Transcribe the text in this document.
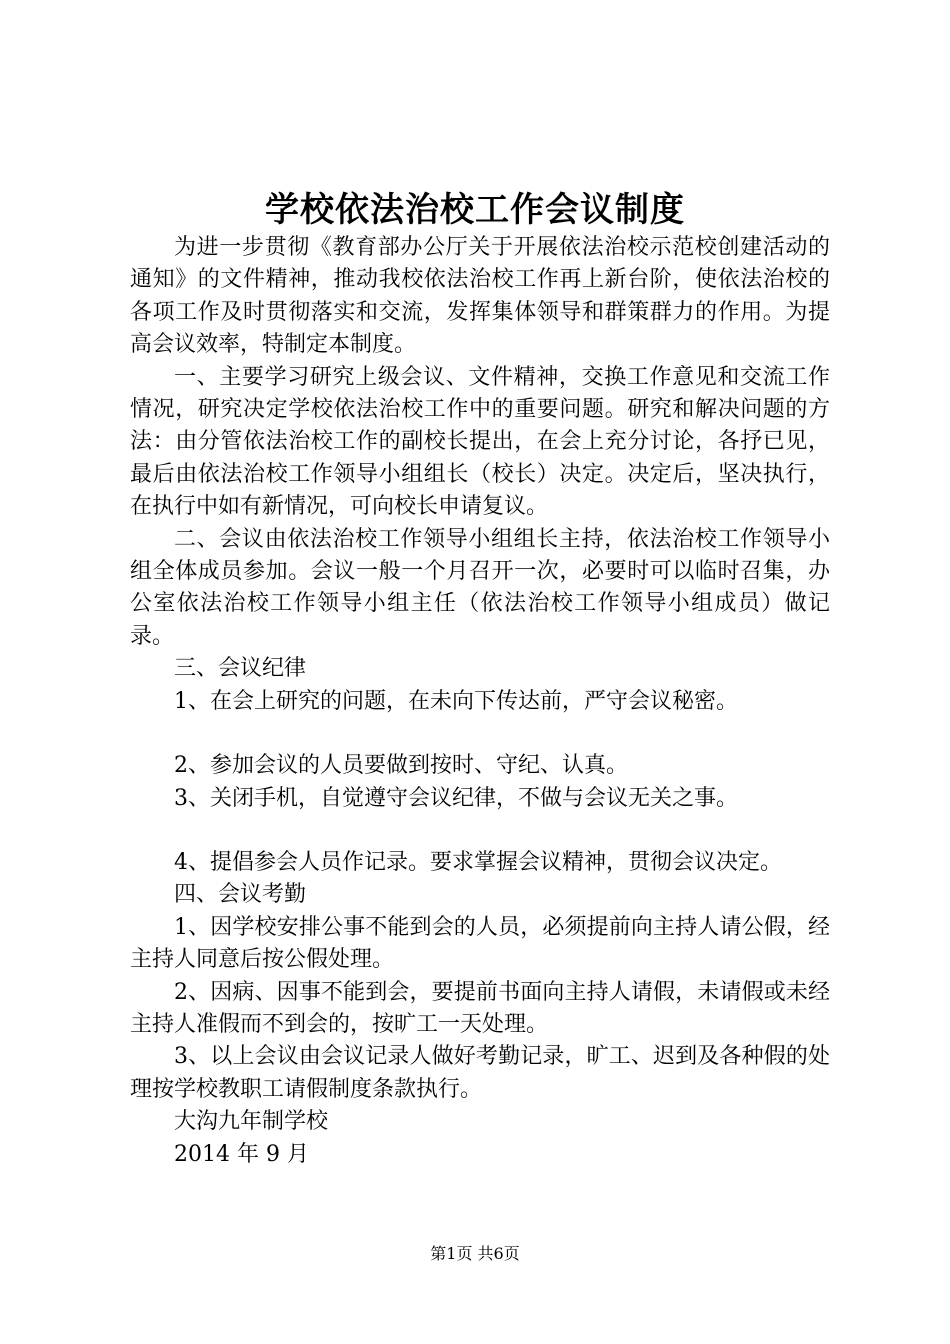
学校依法治校工作会议制度

为进一步贯彻《教育部办公厅关于开展依法治校示范校创建活动的通知》的文件精神，推动我校依法治校工作再上新台阶，使依法治校的各项工作及时贯彻落实和交流，发挥集体领导和群策群力的作用。为提高会议效率，特制定本制度。

一、主要学习研究上级会议、文件精神，交换工作意见和交流工作情况，研究决定学校依法治校工作中的重要问题。研究和解决问题的方法：由分管依法治校工作的副校长提出，在会上充分讨论，各抒已见，最后由依法治校工作领导小组组长（校长）决定。决定后，坚决执行，在执行中如有新情况，可向校长申请复议。

二、会议由依法治校工作领导小组组长主持，依法治校工作领导小组全体成员参加。会议一般一个月召开一次，必要时可以临时召集，办公室依法治校工作领导小组主任（依法治校工作领导小组成员）做记录。

三、会议纪律

1、在会上研究的问题，在未向下传达前，严守会议秘密。

2、参加会议的人员要做到按时、守纪、认真。

3、关闭手机，自觉遵守会议纪律，不做与会议无关之事。

4、提倡参会人员作记录。要求掌握会议精神，贯彻会议决定。

四、会议考勤

1、因学校安排公事不能到会的人员，必须提前向主持人请公假，经主持人同意后按公假处理。

2、因病、因事不能到会，要提前书面向主持人请假，未请假或未经主持人准假而不到会的，按旷工一天处理。

3、以上会议由会议记录人做好考勤记录，旷工、迟到及各种假的处理按学校教职工请假制度条款执行。

大沟九年制学校

2014 年 9 月

第1页 共6页
